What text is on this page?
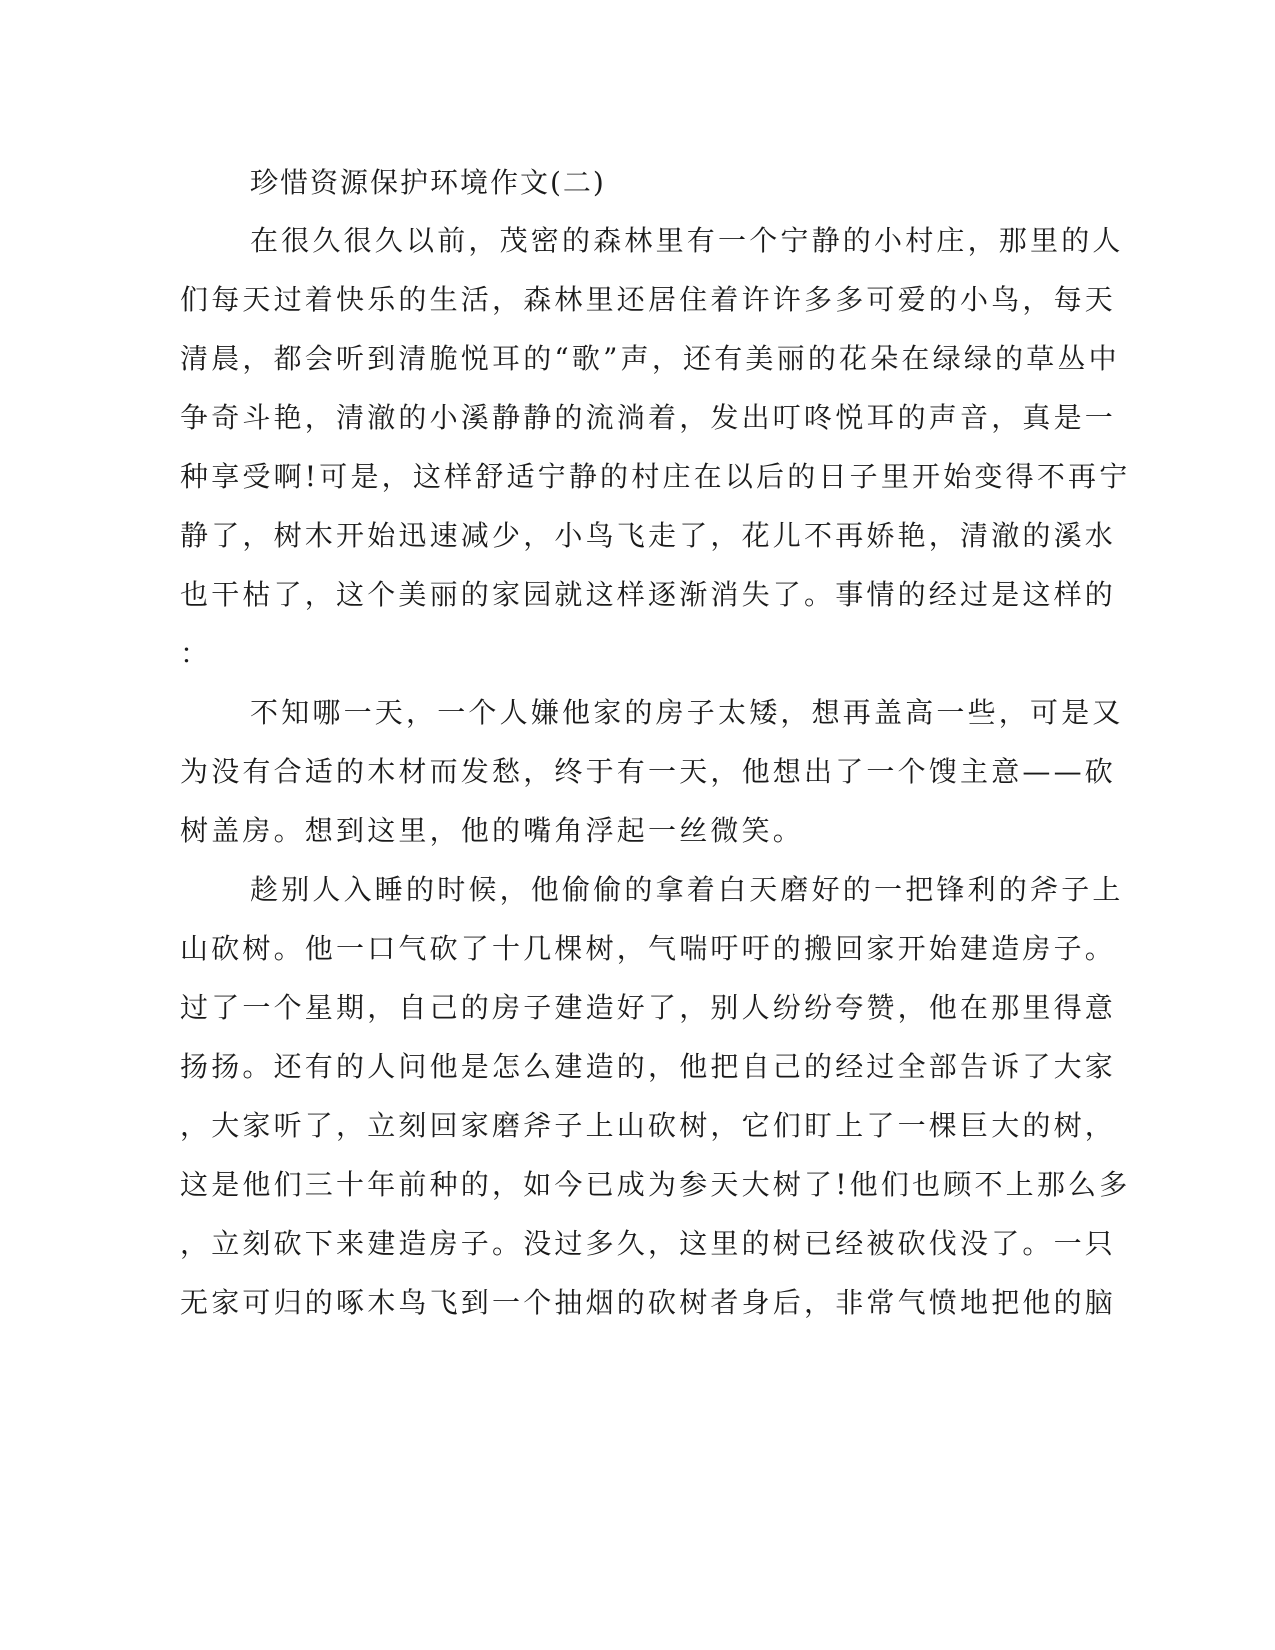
珍惜资源保护环境作文(二)
在很久很久以前，茂密的森林里有一个宁静的小村庄，那里的人
们每天过着快乐的生活，森林里还居住着许许多多可爱的小鸟，每天
清晨，都会听到清脆悦耳的“歌”声，还有美丽的花朵在绿绿的草丛中
争奇斗艳，清澈的小溪静静的流淌着，发出叮咚悦耳的声音，真是一
种享受啊!可是，这样舒适宁静的村庄在以后的日子里开始变得不再宁
静了，树木开始迅速减少，小鸟飞走了，花儿不再娇艳，清澈的溪水
也干枯了，这个美丽的家园就这样逐渐消失了。事情的经过是这样的
：
不知哪一天，一个人嫌他家的房子太矮，想再盖高一些，可是又
为没有合适的木材而发愁，终于有一天，他想出了一个馊主意——砍
树盖房。想到这里，他的嘴角浮起一丝微笑。
趁别人入睡的时候，他偷偷的拿着白天磨好的一把锋利的斧子上
山砍树。他一口气砍了十几棵树，气喘吁吁的搬回家开始建造房子。
过了一个星期，自己的房子建造好了，别人纷纷夸赞，他在那里得意
扬扬。还有的人问他是怎么建造的，他把自己的经过全部告诉了大家
，大家听了，立刻回家磨斧子上山砍树，它们盯上了一棵巨大的树，
这是他们三十年前种的，如今已成为参天大树了!他们也顾不上那么多
，立刻砍下来建造房子。没过多久，这里的树已经被砍伐没了。一只
无家可归的啄木鸟飞到一个抽烟的砍树者身后，非常气愤地把他的脑
